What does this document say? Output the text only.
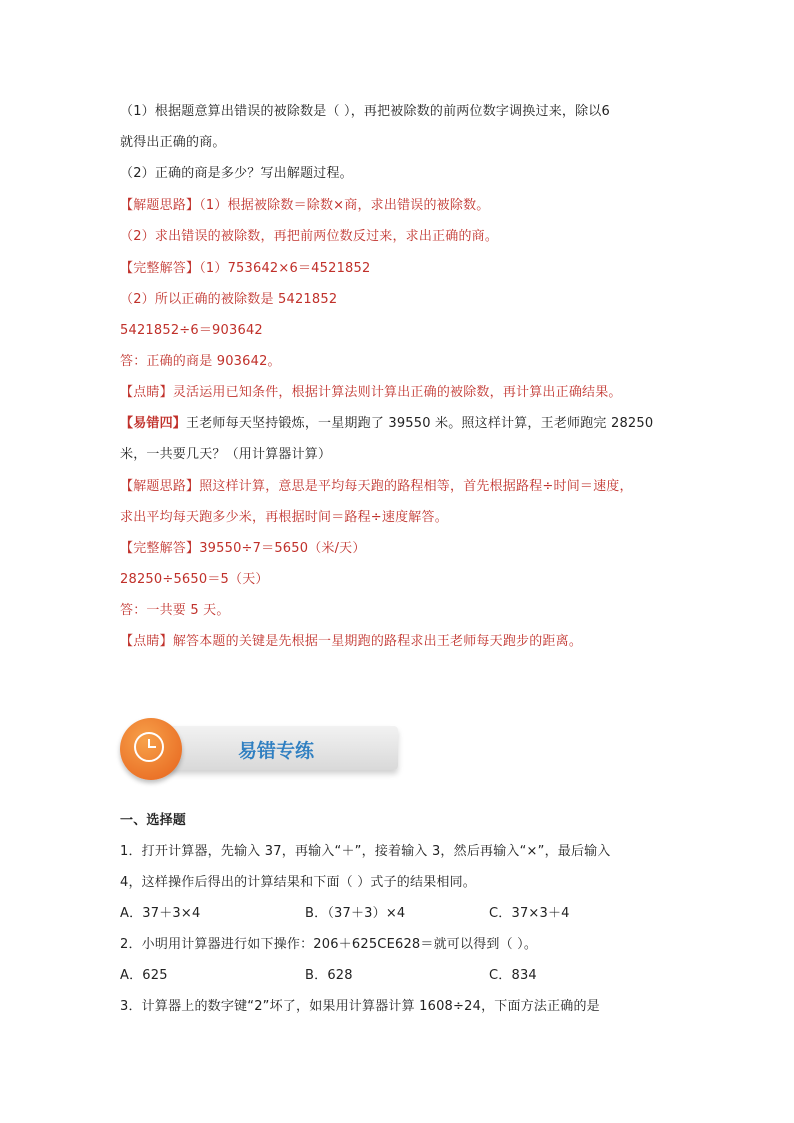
（1）根据题意算出错误的被除数是（ ），再把被除数的前两位数字调换过来，除以6
就得出正确的商。
（2）正确的商是多少？写出解题过程。
【解题思路】（1）根据被除数＝除数×商，求出错误的被除数。
（2）求出错误的被除数，再把前两位数反过来，求出正确的商。
【完整解答】（1）753642×6＝4521852
（2）所以正确的被除数是 5421852
5421852÷6＝903642
答：正确的商是 903642。
【点睛】灵活运用已知条件，根据计算法则计算出正确的被除数，再计算出正确结果。
【易错四】王老师每天坚持锻炼，一星期跑了 39550 米。照这样计算，王老师跑完 28250
米，一共要几天？（用计算器计算）
【解题思路】照这样计算，意思是平均每天跑的路程相等，首先根据路程÷时间＝速度，
求出平均每天跑多少米，再根据时间＝路程÷速度解答。
【完整解答】39550÷7＝5650（米/天）
28250÷5650＝5（天）
答：一共要 5 天。
【点睛】解答本题的关键是先根据一星期跑的路程求出王老师每天跑步的距离。
易错专练
一、选择题
1．打开计算器，先输入 37，再输入“＋”，接着输入 3，然后再输入“×”，最后输入
4，这样操作后得出的计算结果和下面（ ）式子的结果相同。
A．37＋3×4	B．（37＋3）×4	C．37×3＋4
2．小明用计算器进行如下操作：206＋625CE628＝就可以得到（ ）。
A．625	B．628	C．834
3．计算器上的数字键“2”坏了，如果用计算器计算 1608÷24，下面方法正确的是
